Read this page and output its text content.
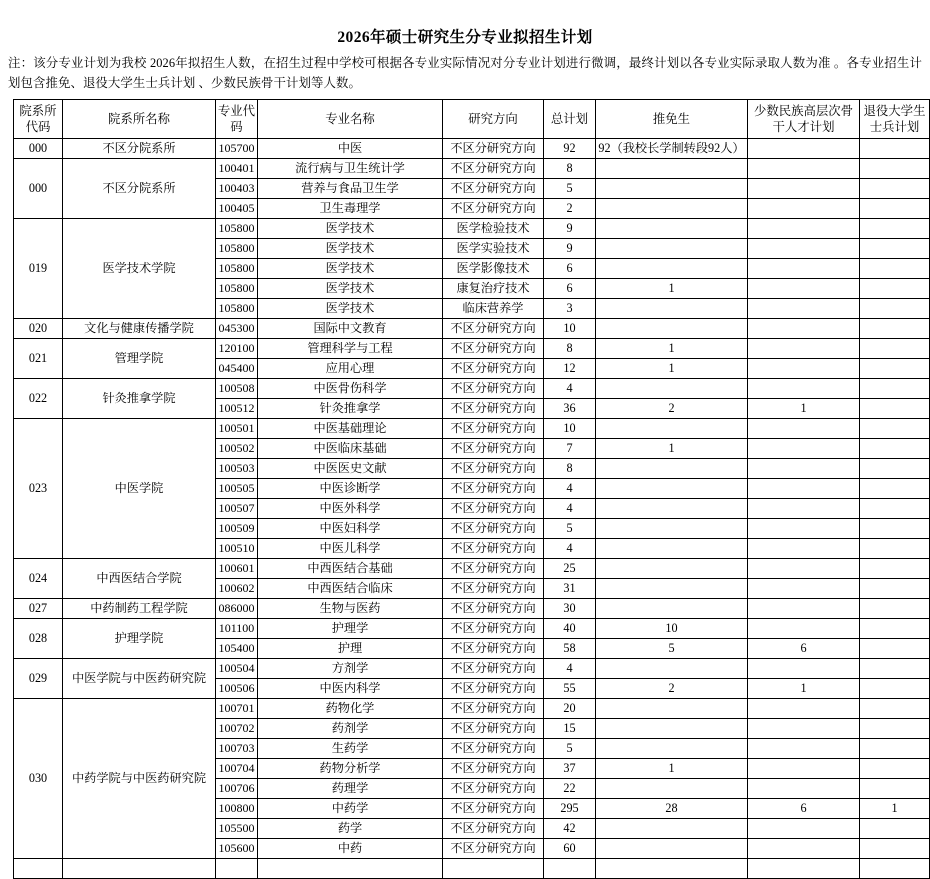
2026年硕士研究生分专业拟招生计划

注：该分专业计划为我校 2026年拟招生人数，在招生过程中学校可根据各专业实际情况对分专业计划进行微调，最终计划以各专业实际录取人数为准 。各专业招生计划包含推免、退役大学生士兵计划 、少数民族骨干计划等人数。

院系所代码	院系所名称	专业代码	专业名称	研究方向	总计划	推免生	少数民族高层次骨干人才计划	退役大学生士兵计划
000	不区分院系所	105700	中医	不区分研究方向	92	92（我校长学制转段92人）		
000	不区分院系所	100401	流行病与卫生统计学	不区分研究方向	8			
		100403	营养与食品卫生学	不区分研究方向	5			
		100405	卫生毒理学	不区分研究方向	2			
019	医学技术学院	105800	医学技术	医学检验技术	9			
		105800	医学技术	医学实验技术	9			
		105800	医学技术	医学影像技术	6			
		105800	医学技术	康复治疗技术	6	1		
		105800	医学技术	临床营养学	3			
020	文化与健康传播学院	045300	国际中文教育	不区分研究方向	10			
021	管理学院	120100	管理科学与工程	不区分研究方向	8	1		
		045400	应用心理	不区分研究方向	12	1		
022	针灸推拿学院	100508	中医骨伤科学	不区分研究方向	4			
		100512	针灸推拿学	不区分研究方向	36	2	1	
023	中医学院	100501	中医基础理论	不区分研究方向	10			
		100502	中医临床基础	不区分研究方向	7	1		
		100503	中医医史文献	不区分研究方向	8			
		100505	中医诊断学	不区分研究方向	4			
		100507	中医外科学	不区分研究方向	4			
		100509	中医妇科学	不区分研究方向	5			
		100510	中医儿科学	不区分研究方向	4			
024	中西医结合学院	100601	中西医结合基础	不区分研究方向	25			
		100602	中西医结合临床	不区分研究方向	31			
027	中药制药工程学院	086000	生物与医药	不区分研究方向	30			
028	护理学院	101100	护理学	不区分研究方向	40	10		
		105400	护理	不区分研究方向	58	5	6	
029	中医学院与中医药研究院	100504	方剂学	不区分研究方向	4			
		100506	中医内科学	不区分研究方向	55	2	1	
030	中药学院与中医药研究院	100701	药物化学	不区分研究方向	20			
		100702	药剂学	不区分研究方向	15			
		100703	生药学	不区分研究方向	5			
		100704	药物分析学	不区分研究方向	37	1		
		100706	药理学	不区分研究方向	22			
		100800	中药学	不区分研究方向	295	28	6	1
		105500	药学	不区分研究方向	42			
		105600	中药	不区分研究方向	60			
